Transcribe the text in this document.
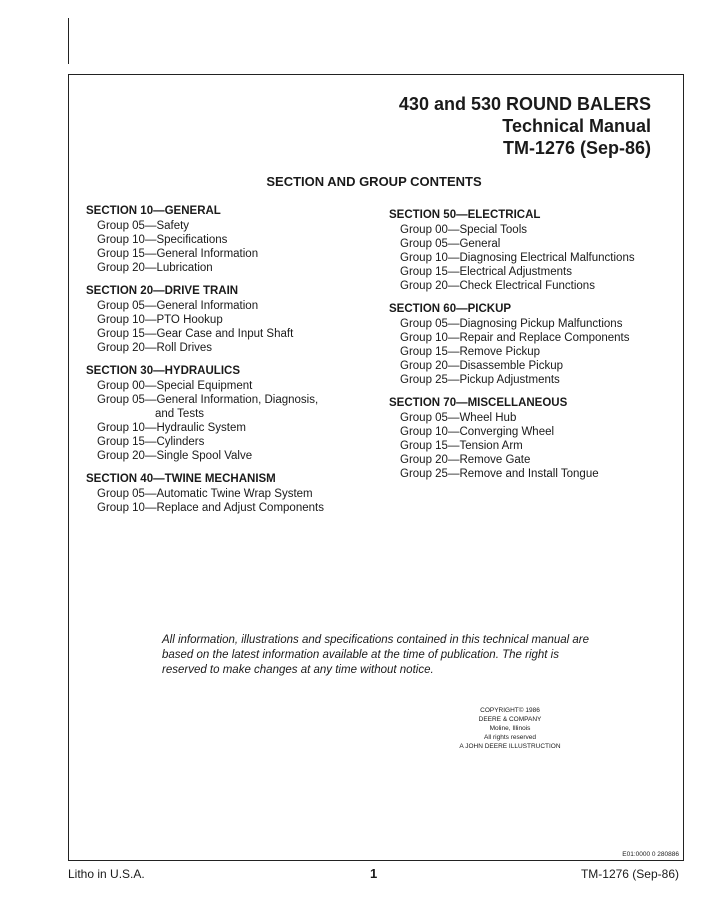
430 and 530 ROUND BALERS
Technical Manual
TM-1276 (Sep-86)
SECTION AND GROUP CONTENTS
SECTION 10—GENERAL
Group 05—Safety
Group 10—Specifications
Group 15—General Information
Group 20—Lubrication
SECTION 20—DRIVE TRAIN
Group 05—General Information
Group 10—PTO Hookup
Group 15—Gear Case and Input Shaft
Group 20—Roll Drives
SECTION 30—HYDRAULICS
Group 00—Special Equipment
Group 05—General Information, Diagnosis,
and Tests
Group 10—Hydraulic System
Group 15—Cylinders
Group 20—Single Spool Valve
SECTION 40—TWINE MECHANISM
Group 05—Automatic Twine Wrap System
Group 10—Replace and Adjust Components
SECTION 50—ELECTRICAL
Group 00—Special Tools
Group 05—General
Group 10—Diagnosing Electrical Malfunctions
Group 15—Electrical Adjustments
Group 20—Check Electrical Functions
SECTION 60—PICKUP
Group 05—Diagnosing Pickup Malfunctions
Group 10—Repair and Replace Components
Group 15—Remove Pickup
Group 20—Disassemble Pickup
Group 25—Pickup Adjustments
SECTION 70—MISCELLANEOUS
Group 05—Wheel Hub
Group 10—Converging Wheel
Group 15—Tension Arm
Group 20—Remove Gate
Group 25—Remove and Install Tongue
All information, illustrations and specifications contained in this technical manual are based on the latest information available at the time of publication. The right is reserved to make changes at any time without notice.
COPYRIGHT© 1986
DEERE & COMPANY
Moline, Illinois
All rights reserved
A JOHN DEERE ILLUSTRUCTION
E01:0000 0 280886
Litho in U.S.A.	1	TM-1276 (Sep-86)
